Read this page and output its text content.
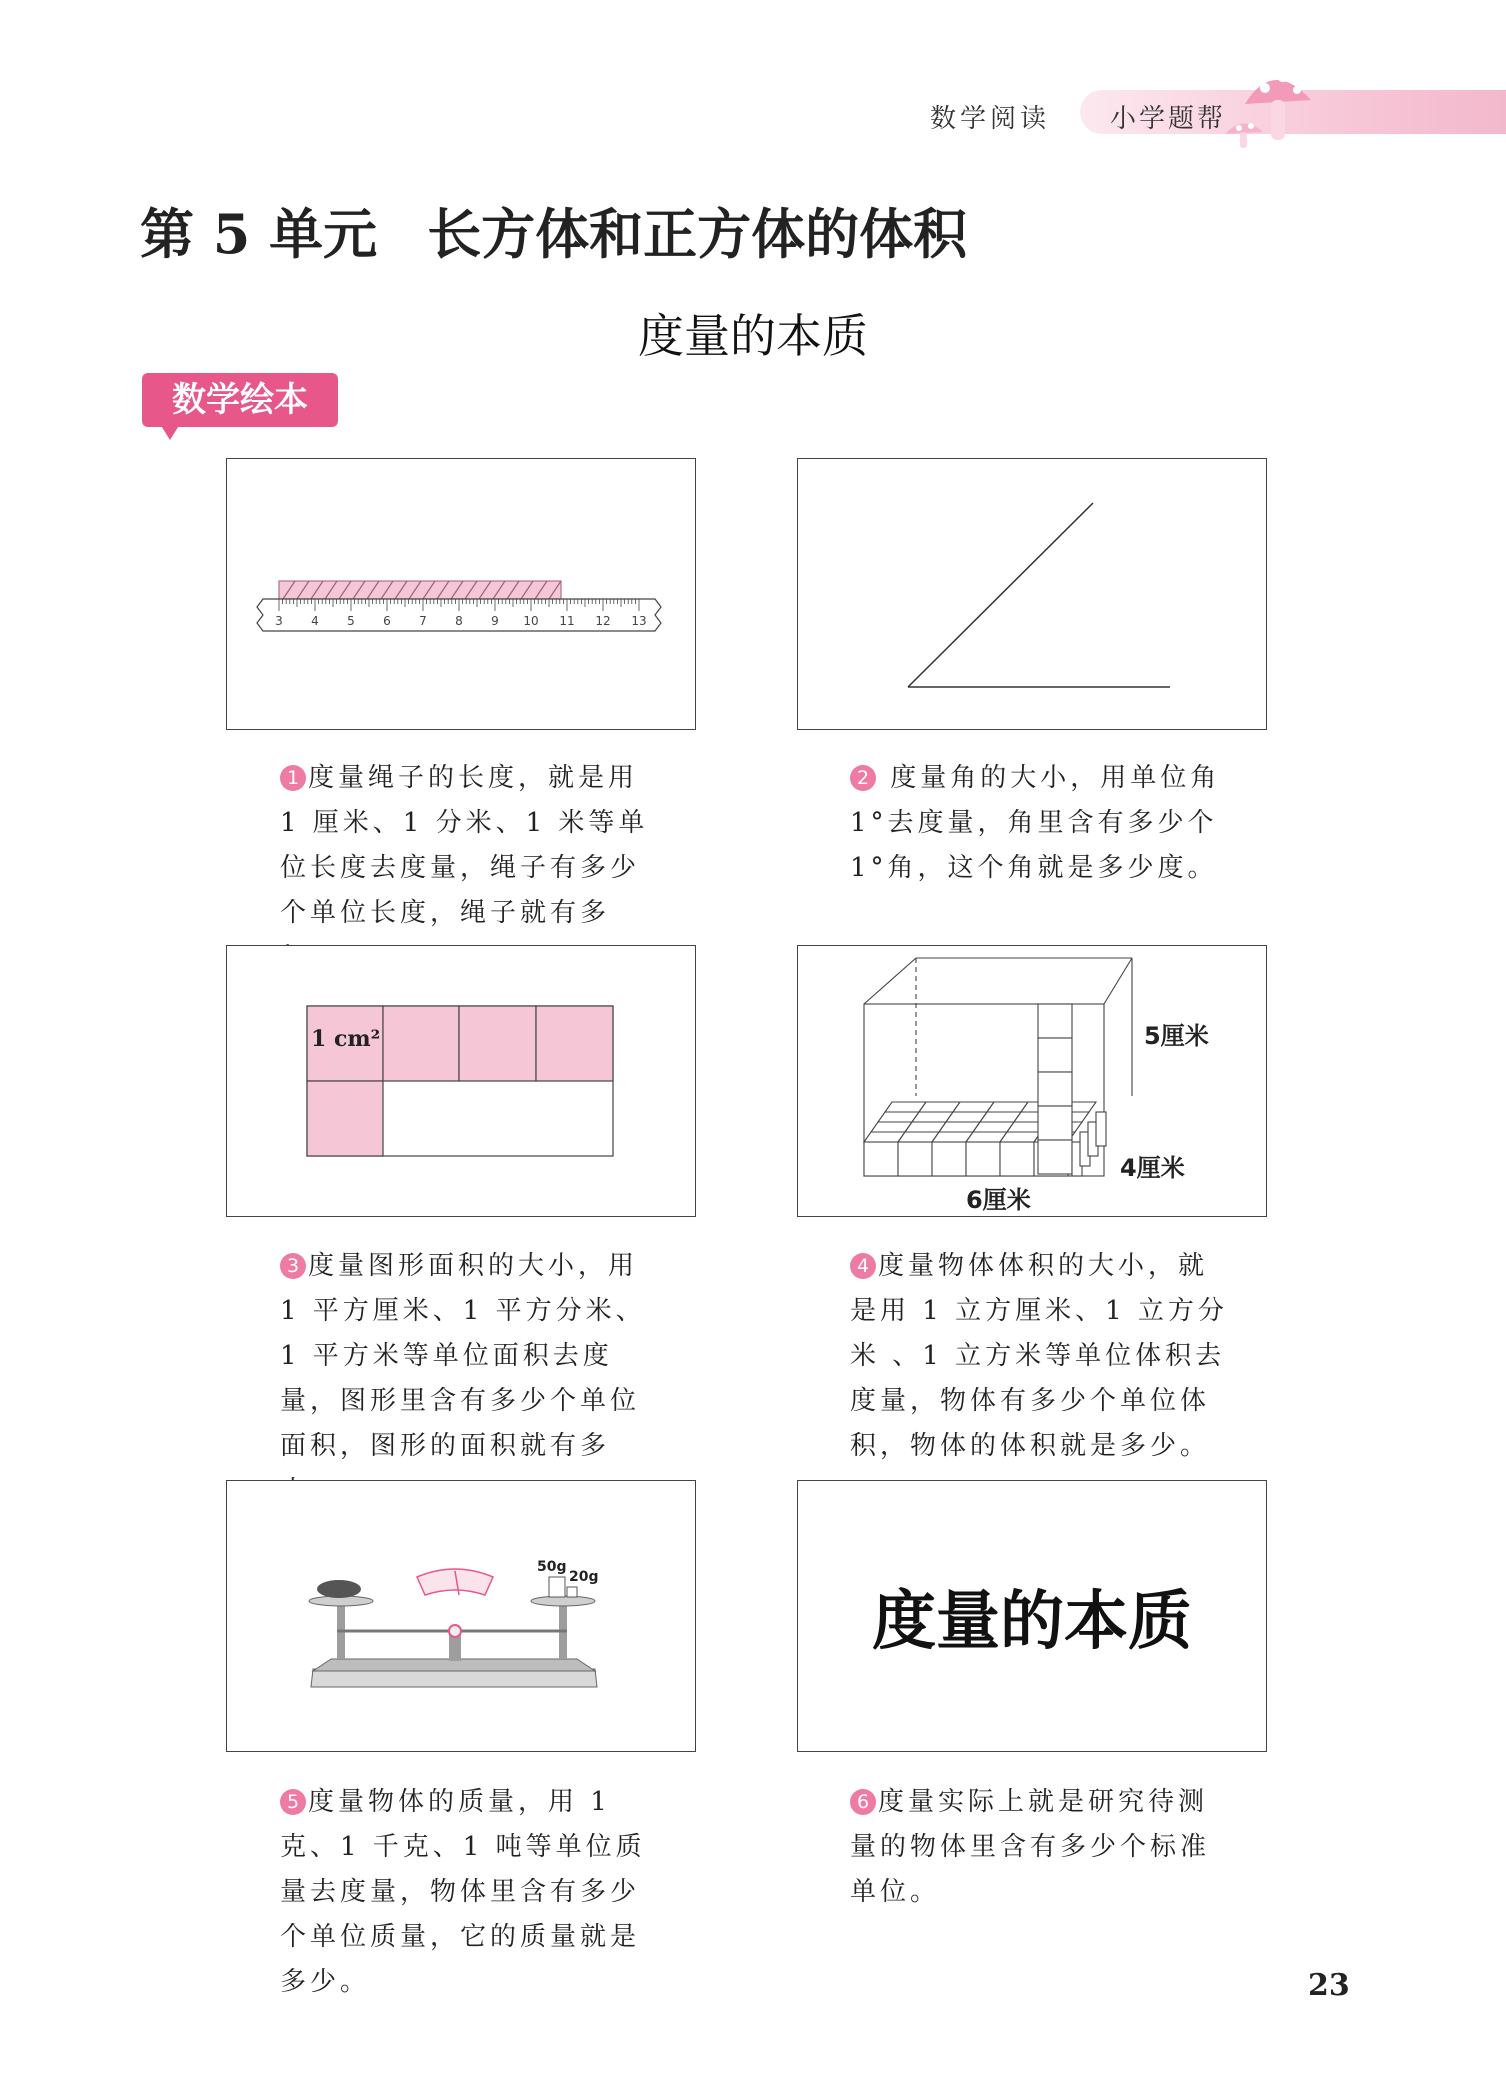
数学阅读 小学题帮
第 5 单元 长方体和正方体的体积
度量的本质
数学绘本
3 4 5 6 7 8 9 10 11 12 13
1 度量绳子的长度，就是用 1 厘米、1 分米、1 米等单位长度去度量，绳子有多少个单位长度，绳子就有多
2 度量角的大小，用单位角 1°去度量，角里含有多少个 1°角，这个角就是多少度。
1 cm²	5厘米
4厘米
6厘米
3 度量图形面积的大小，用 1 平方厘米、1 平方分米、1 平方米等单位面积去度量，图形里含有多少个单位面积，图形的面积就有多
4 度量物体体积的大小，就是用 1 立方厘米、1 立方分米 、1 立方米等单位体积去度量，物体有多少个单位体积，物体的体积就是多少。
50g
20g
度量的本质
5 度量物体的质量，用 1 克、1 千克、1 吨等单位质量去度量，物体里含有多少个单位质量，它的质量就是多少。
6 度量实际上就是研究待测量的物体里含有多少个标准单位。
23
